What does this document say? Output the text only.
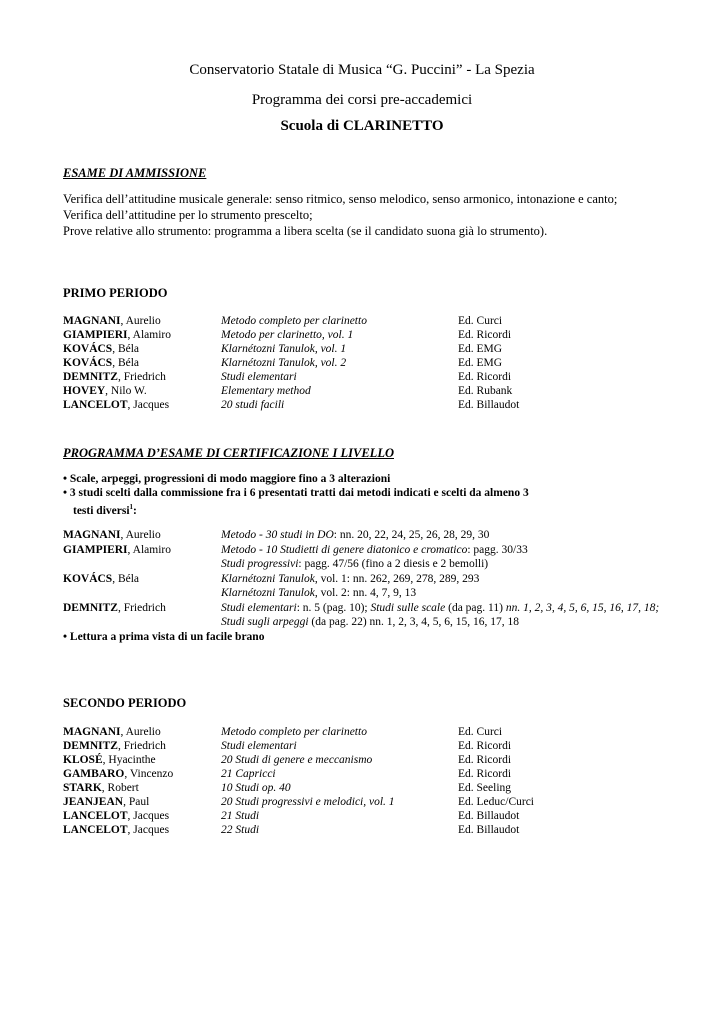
Conservatorio Statale di Musica “G. Puccini” - La Spezia
Programma dei corsi pre-accademici
Scuola di CLARINETTO
ESAME DI AMMISSIONE
Verifica dell’attitudine musicale generale: senso ritmico, senso melodico, senso armonico, intonazione e canto;
Verifica dell’attitudine per lo strumento prescelto;
Prove relative allo strumento: programma a libera scelta (se il candidato suona già lo strumento).
PRIMO PERIODO
MAGNANI, Aurelio	Metodo completo per clarinetto	Ed. Curci
GIAMPIERI, Alamiro	Metodo per clarinetto, vol. 1	Ed. Ricordi
KOVÁCS, Béla	Klarnétozni Tanulok, vol. 1	Ed. EMG
KOVÁCS, Béla	Klarnétozni Tanulok, vol. 2	Ed. EMG
DEMNITZ, Friedrich	Studi elementari	Ed. Ricordi
HOVEY, Nilo W.	Elementary method	Ed. Rubank
LANCELOT, Jacques	20 studi facili	Ed. Billaudot
PROGRAMMA D’ESAME DI CERTIFICAZIONE I LIVELLO
• Scale, arpeggi, progressioni di modo maggiore fino a 3 alterazioni
• 3 studi scelti dalla commissione fra i 6 presentati tratti dai metodi indicati e scelti da almeno 3
testi diversi$^1$:
MAGNANI, Aurelio	Metodo - 30 studi in DO: nn. 20, 22, 24, 25, 26, 28, 29, 30
GIAMPIERI, Alamiro	Metodo - 10 Studietti di genere diatonico e cromatico: pagg. 30/33
Studi progressivi: pagg. 47/56 (fino a 2 diesis e 2 bemolli)
KOVÁCS, Béla	Klarnétozni Tanulok, vol. 1: nn. 262, 269, 278, 289, 293
Klarnétozni Tanulok, vol. 2: nn. 4, 7, 9, 13
DEMNITZ, Friedrich	Studi elementari: n. 5 (pag. 10); Studi sulle scale (da pag. 11) nn. 1, 2, 3, 4, 5, 6, 15, 16, 17, 18; Studi sugli arpeggi (da pag. 22) nn. 1, 2, 3, 4, 5, 6, 15, 16, 17, 18
• Lettura a prima vista di un facile brano
SECONDO PERIODO
MAGNANI, Aurelio	Metodo completo per clarinetto	Ed. Curci
DEMNITZ, Friedrich	Studi elementari	Ed. Ricordi
KLOSÉ, Hyacinthe	20 Studi di genere e meccanismo	Ed. Ricordi
GAMBARO, Vincenzo	21 Capricci	Ed. Ricordi
STARK, Robert	10 Studi op. 40	Ed. Seeling
JEANJEAN, Paul	20 Studi progressivi e melodici, vol. 1	Ed. Leduc/Curci
LANCELOT, Jacques	21 Studi	Ed. Billaudot
LANCELOT, Jacques	22 Studi	Ed. Billaudot
